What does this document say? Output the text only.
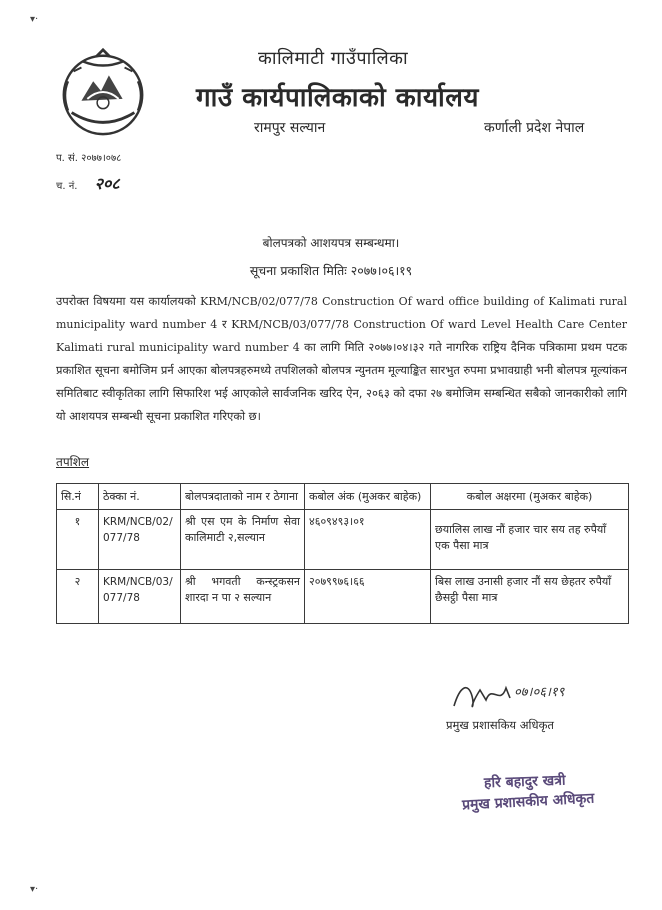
▾·
▾·
कालिमाटी गाउँपालिका
गाउँ कार्यपालिकाको कार्यालय
रामपुर सल्यान	कर्णाली प्रदेश नेपाल
प. सं. २०७७।०७८
च. नं. २०८
बोलपत्रको आशयपत्र सम्बन्धमा।
सूचना प्रकाशित मितिः २०७७।०६।१९
उपरोक्त विषयमा यस कार्यालयको KRM/NCB/02/077/78 Construction Of ward office building of Kalimati rural municipality ward number 4 र KRM/NCB/03/077/78 Construction Of ward Level Health Care Center Kalimati rural municipality ward number 4 का लागि मिति २०७७।०४।३२ गते नागरिक राष्ट्रिय दैनिक पत्रिकामा प्रथम पटक प्रकाशित सूचना बमोजिम प्रर्न आएका बोलपत्रहरुमध्ये तपशिलको बोलपत्र न्युनतम मूल्याङ्कित सारभुत रुपमा प्रभावग्राही भनी बोलपत्र मूल्यांकन समितिबाट स्वीकृतिका लागि सिफारिश भई आएकोले सार्वजनिक खरिद ऐन, २०६३ को दफा २७ बमोजिम सम्बन्धित सबैको जानकारीको लागि यो आशयपत्र सम्बन्धी सूचना प्रकाशित गरिएको छ।
तपशिल
सि.नं	ठेक्का नं.	बोलपत्रदाताको नाम र ठेगाना	कबोल अंक (मुअकर बाहेक)	कबोल अक्षरमा (मुअकर बाहेक)
१	KRM/NCB/02/077/78	श्री एस एम के निर्माण सेवा कालिमाटी २,सल्यान	४६०९४९३।०१	छयालिस लाख नौं हजार चार सय तह रुपैयाँ एक पैसा मात्र
२	KRM/NCB/03/077/78	श्री भगवती कन्स्ट्रकसन शारदा न पा २ सल्यान	२०७९९७६।६६	बिस लाख उनासी हजार नौं सय छेहतर रुपैयाँ छैसट्ठी पैसा मात्र
०७।०६।१९
प्रमुख प्रशासकिय अधिकृत
हरि बहादुर खत्री
प्रमुख प्रशासकीय अधिकृत
